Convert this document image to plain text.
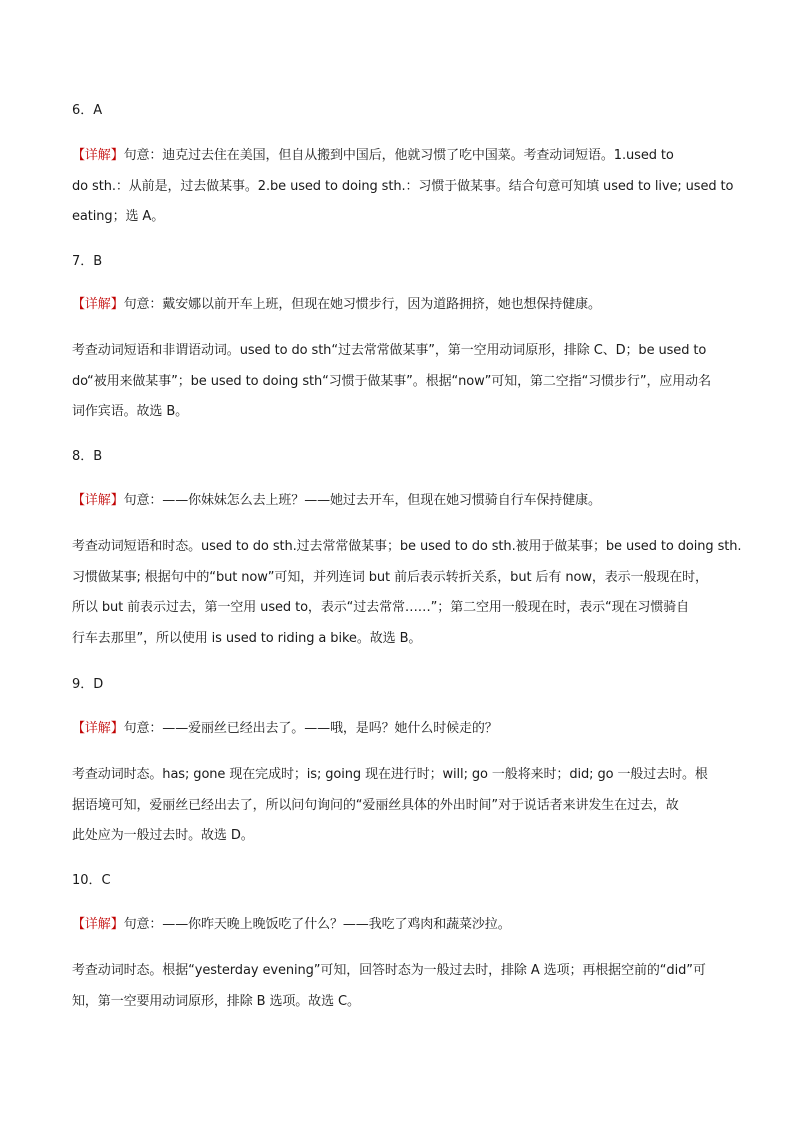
6．A
【详解】句意：迪克过去住在美国，但自从搬到中国后，他就习惯了吃中国菜。考查动词短语。1.used to
do sth.：从前是，过去做某事。2.be used to doing sth.：习惯于做某事。结合句意可知填 used to live; used to
eating；选 A。
7．B
【详解】句意：戴安娜以前开车上班，但现在她习惯步行，因为道路拥挤，她也想保持健康。
考查动词短语和非谓语动词。used to do sth“过去常常做某事”，第一空用动词原形，排除 C、D；be used to
do“被用来做某事”；be used to doing sth“习惯于做某事”。根据“now”可知，第二空指“习惯步行”，应用动名
词作宾语。故选 B。
8．B
【详解】句意：——你妹妹怎么去上班？——她过去开车，但现在她习惯骑自行车保持健康。
考查动词短语和时态。used to do sth.过去常常做某事；be used to do sth.被用于做某事；be used to doing sth.
习惯做某事; 根据句中的“but now”可知，并列连词 but 前后表示转折关系，but 后有 now，表示一般现在时，
所以 but 前表示过去，第一空用 used to，表示“过去常常……”；第二空用一般现在时，表示“现在习惯骑自
行车去那里”，所以使用 is used to riding a bike。故选 B。
9．D
【详解】句意：——爱丽丝已经出去了。——哦，是吗？她什么时候走的？
考查动词时态。has; gone 现在完成时；is; going 现在进行时；will; go 一般将来时；did; go 一般过去时。根
据语境可知，爱丽丝已经出去了，所以问句询问的“爱丽丝具体的外出时间”对于说话者来讲发生在过去，故
此处应为一般过去时。故选 D。
10．C
【详解】句意：——你昨天晚上晚饭吃了什么？——我吃了鸡肉和蔬菜沙拉。
考查动词时态。根据“yesterday evening”可知，回答时态为一般过去时，排除 A 选项；再根据空前的“did”可
知，第一空要用动词原形，排除 B 选项。故选 C。
